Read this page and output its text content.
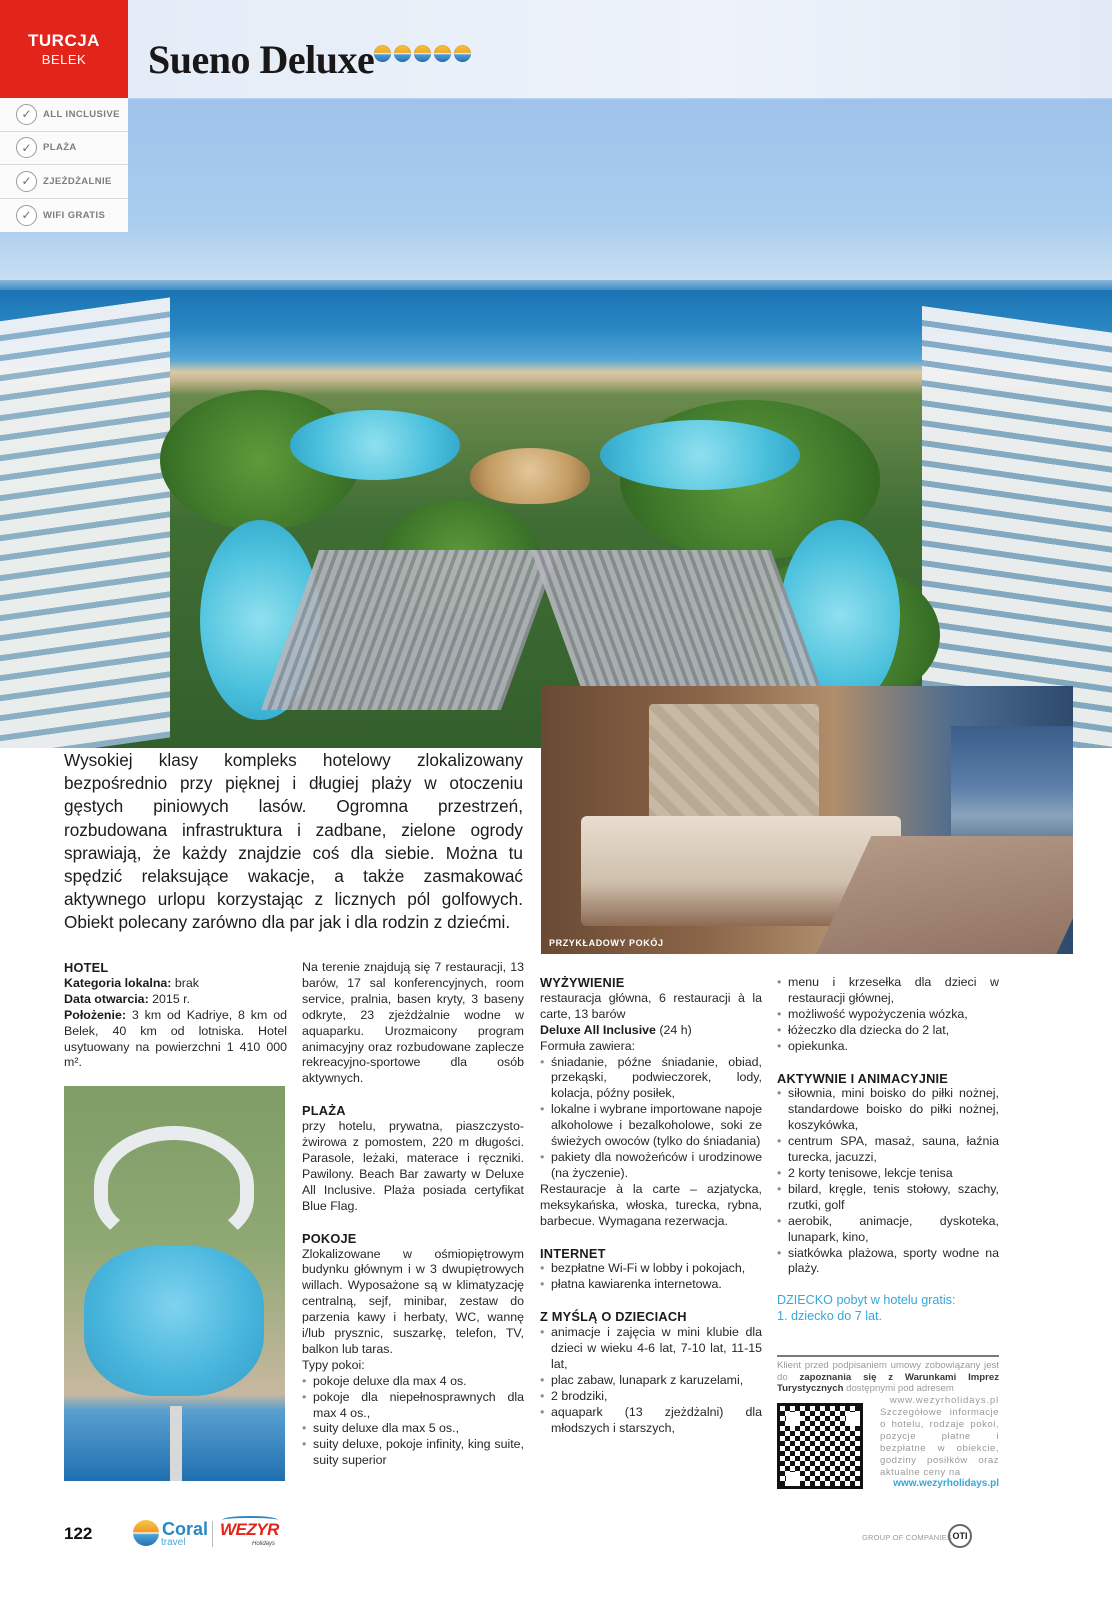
TURCJA
BELEK Sueno Deluxe
✓	ALL INCLUSIVE
✓	PLAŻA
✓	ZJEŻDŻALNIE
✓	WIFI GRATIS
PRZYKŁADOWY POKÓJ

Wysokiej klasy kompleks hotelowy zlokalizowany bezpośrednio przy pięknej i długiej plaży w otoczeniu gęstych piniowych lasów. Ogromna przestrzeń, rozbudowana infrastruktura i zadbane, zielone ogrody sprawiają, że każdy znajdzie coś dla siebie. Można tu spędzić relaksujące wakacje, a także zasmakować aktywnego urlopu korzystając z licznych pól golfowych. Obiekt polecany zarówno dla par jak i dla rodzin z dziećmi.

HOTEL

Kategoria lokalna: brak

Data otwarcia: 2015 r.

Położenie: 3 km od Kadriye, 8 km od Belek, 40 km od lotniska. Hotel usytuowany na powierzchni 1 410 000 m².

Na terenie znajdują się 7 restauracji, 13 barów, 17 sal konferencyjnych, room service, pralnia, basen kryty, 3 baseny odkryte, 23 zjeżdżalnie wodne w aquaparku. Urozmaicony program animacyjny oraz rozbudowane zaplecze rekreacyjno-sportowe dla osób aktywnych.

PLAŻA

przy hotelu, prywatna, piaszczysto-żwirowa z pomostem, 220 m długości. Parasole, leżaki, materace i ręczniki. Pawilony. Beach Bar zawarty w Deluxe All Inclusive. Plaża posiada certyfikat Blue Flag.

POKOJE

Zlokalizowane w ośmiopiętrowym budynku głównym i w 3 dwupiętrowych willach. Wyposażone są w klimatyzację centralną, sejf, minibar, zestaw do parzenia kawy i herbaty, WC, wannę i/lub prysznic, suszarkę, telefon, TV, balkon lub taras.

Typy pokoi:

• pokoje deluxe dla max 4 os.
• pokoje dla niepełnosprawnych dla max 4 os.,
• suity deluxe dla max 5 os.,
• suity deluxe, pokoje infinity, king suite, suity superior
WYŻYWIENIE

restauracja główna, 6 restauracji à la carte, 13 barów

Deluxe All Inclusive (24 h)

Formuła zawiera:

• śniadanie, późne śniadanie, obiad, przekąski, podwieczorek, lody, kolacja, późny posiłek,
• lokalne i wybrane importowane napoje alkoholowe i bezalkoholowe, soki ze świeżych owoców (tylko do śniadania)
• pakiety dla nowożeńców i urodzinowe (na życzenie).

Restauracje à la carte – azjatycka, meksykańska, włoska, turecka, rybna, barbecue. Wymagana rezerwacja.

INTERNET
• bezpłatne Wi-Fi w lobby i pokojach,
• płatna kawiarenka internetowa.
Z MYŚLĄ O DZIECIACH
• animacje i zajęcia w mini klubie dla dzieci w wieku 4-6 lat, 7-10 lat, 11-15 lat,
• plac zabaw, lunapark z karuzelami,
• 2 brodziki,
• aquapark (13 zjeżdżalni) dla młodszych i starszych,
• menu i krzesełka dla dzieci w restauracji głównej,
• możliwość wypożyczenia wózka,
• łóżeczko dla dziecka do 2 lat,
• opiekunka.
AKTYWNIE I ANIMACYJNIE
• siłownia, mini boisko do piłki nożnej, standardowe boisko do piłki nożnej, koszykówka,
• centrum SPA, masaż, sauna, łaźnia turecka, jacuzzi,
• 2 korty tenisowe, lekcje tenisa
• bilard, kręgle, tenis stołowy, szachy, rzutki, golf
• aerobik, animacje, dyskoteka, lunapark, kino,
• siatkówka plażowa, sporty wodne na plaży.

DZIECKO pobyt w hotelu gratis:

1. dziecko do 7 lat.

Klient przed podpisaniem umowy zobowiązany jest do zapoznania się z Warunkami Imprez Turystycznych dostępnymi pod adresem

www.wezyrholidays.pl

Szczegółowe informacje o hotelu, rodzaje pokoi, pozycje płatne i bezpłatne w obiekcie, godziny posiłków oraz aktualne ceny na

www.wezyrholidays.pl

122	Coral
travel
WEZYR
Holidays
GROUP OF COMPANIES OTI
